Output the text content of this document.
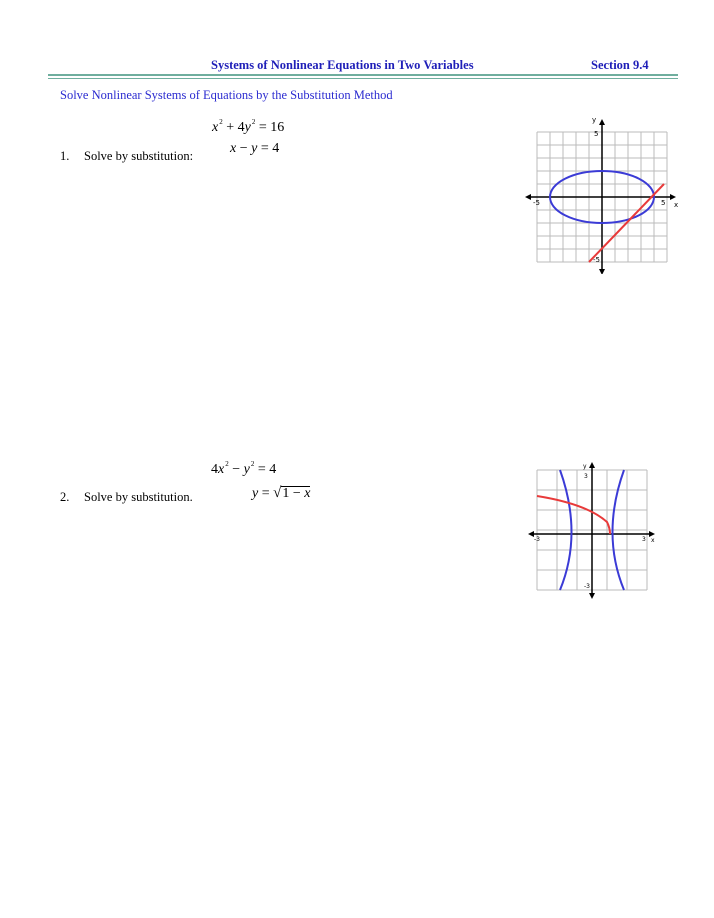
Systems of Nonlinear Equations in Two Variables	Section 9.4
Solve Nonlinear Systems of Equations by the Substitution Method
$x^2 + 4y^2 = 16$
x − y = 4
1. Solve by substitution:
y
x
-5	5
5
-5
$4x^2 - y^2 = 4$
y = √1 − x
2. Solve by substitution.
y
x
-3	3
3
-3
